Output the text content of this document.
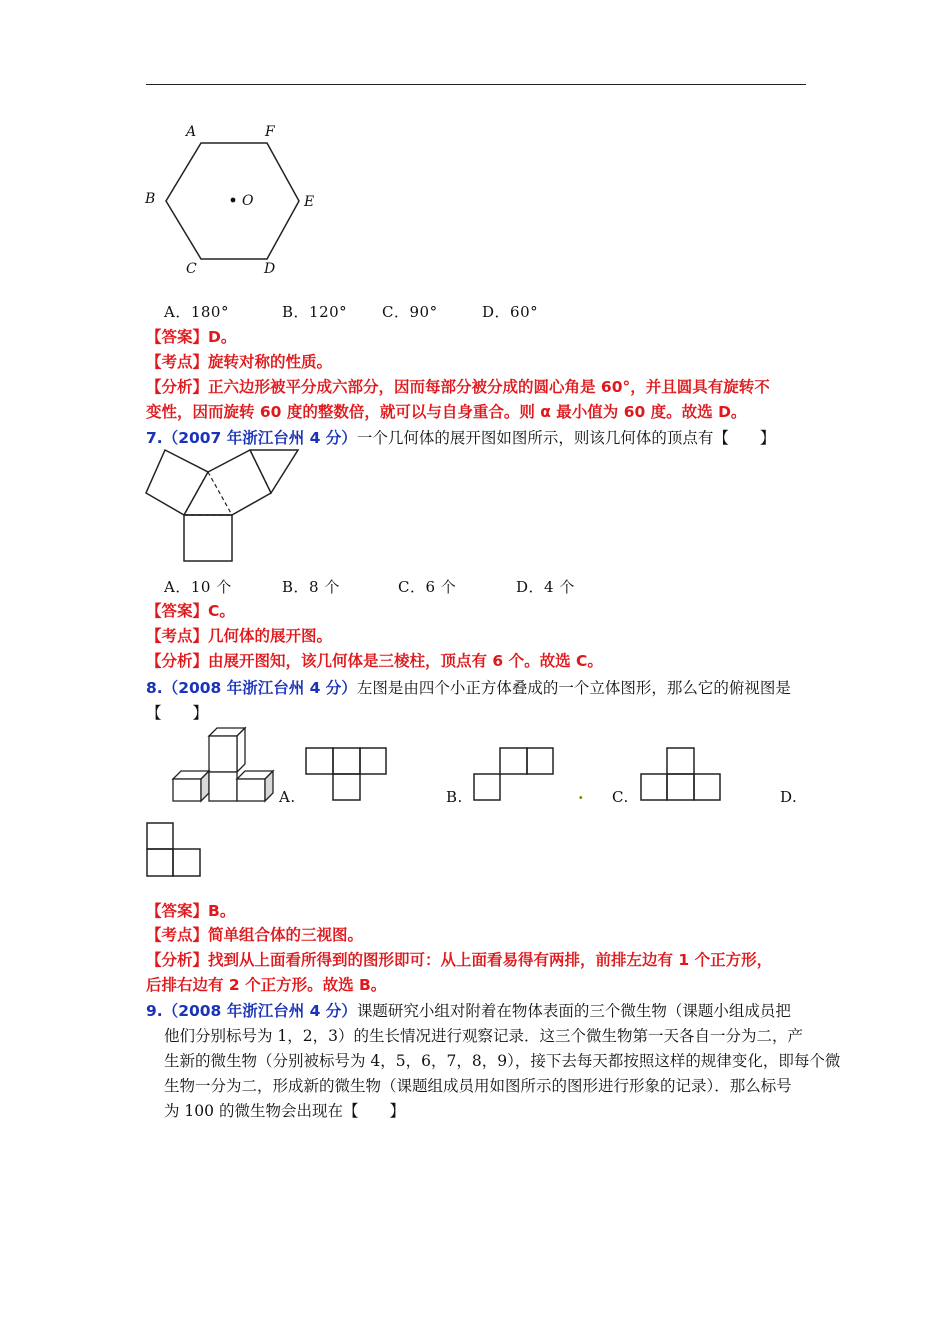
A	F
B	E
C	D
O
A．180°	B．120° C．90°	D．60°
【答案】D。
【考点】旋转对称的性质。
【分析】正六边形被平分成六部分，因而每部分被分成的圆心角是 60°，并且圆具有旋转不
变性，因而旋转 60 度的整数倍，就可以与自身重合。则 α 最小值为 60 度。故选 D。
7.（2007 年浙江台州 4 分）一个几何体的展开图如图所示，则该几何体的顶点有【　　】
A．10 个	B．8 个	C．6 个	D．4 个
【答案】C。
【考点】几何体的展开图。
【分析】由展开图知，该几何体是三棱柱，顶点有 6 个。故选 C。
8.（2008 年浙江台州 4 分）左图是由四个小正方体叠成的一个立体图形，那么它的俯视图是
【　　】
A.	B.	. C.	D.
【答案】B。
【考点】简单组合体的三视图。
【分析】找到从上面看所得到的图形即可：从上面看易得有两排，前排左边有 1 个正方形，
后排右边有 2 个正方形。故选 B。
9.（2008 年浙江台州 4 分）课题研究小组对附着在物体表面的三个微生物（课题小组成员把
他们分别标号为 1，2，3）的生长情况进行观察记录．这三个微生物第一天各自一分为二，产
生新的微生物（分别被标号为 4，5，6，7，8，9），接下去每天都按照这样的规律变化，即每个微
生物一分为二，形成新的微生物（课题组成员用如图所示的图形进行形象的记录）．那么标号
为 100 的微生物会出现在【　　】
